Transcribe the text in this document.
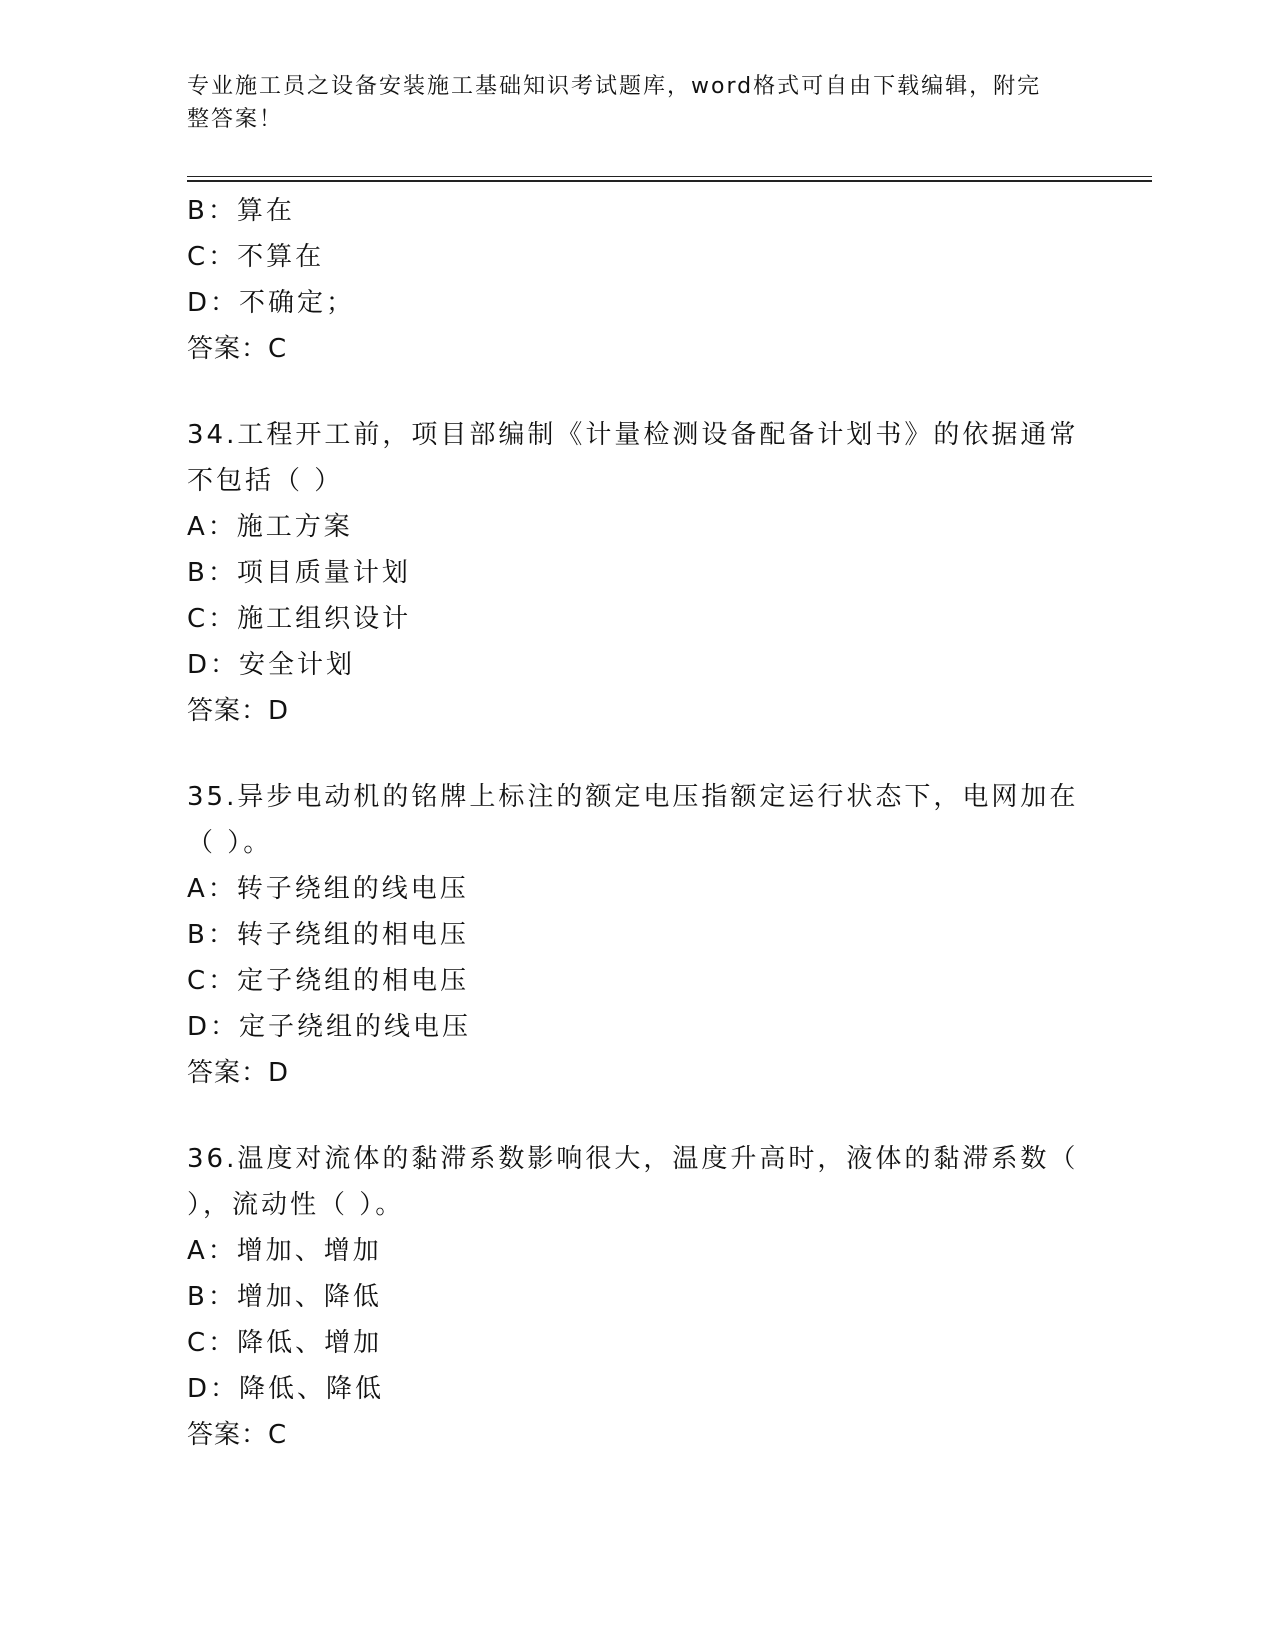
专业施工员之设备安装施工基础知识考试题库，word格式可自由下载编辑，附完
整答案！
B：算在
C：不算在
D：不确定；
答案：C
34.工程开工前，项目部编制《计量检测设备配备计划书》的依据通常
不包括（ ）
A：施工方案
B：项目质量计划
C：施工组织设计
D：安全计划
答案：D
35.异步电动机的铭牌上标注的额定电压指额定运行状态下，电网加在
（ ）。
A：转子绕组的线电压
B：转子绕组的相电压
C：定子绕组的相电压
D：定子绕组的线电压
答案：D
36.温度对流体的黏滞系数影响很大，温度升高时，液体的黏滞系数（
），流动性（ ）。
A：增加、增加
B：增加、降低
C：降低、增加
D：降低、降低
答案：C
